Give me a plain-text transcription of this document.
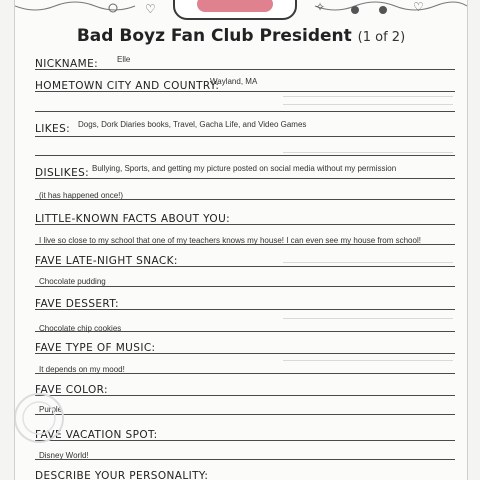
♡	♡
✧
Bad Boyz Fan Club President (1 of 2)
NICKNAME: Elle
HOMETOWN CITY AND COUNTRY:
Wayland, MA
LIKES: Dogs, Dork Diaries books, Travel, Gacha Life, and Video Games
DISLIKES: Bullying, Sports, and getting my picture posted on social media without my permission
(it has happened once!)
LITTLE-KNOWN FACTS ABOUT YOU:
I live so close to my school that one of my teachers knows my house! I can even see my house from school!
FAVE LATE-NIGHT SNACK:
Chocolate pudding
FAVE DESSERT:
Chocolate chip cookies
FAVE TYPE OF MUSIC:
It depends on my mood!
FAVE COLOR:
Purple
FAVE VACATION SPOT:
Disney World!
DESCRIBE YOUR PERSONALITY:
